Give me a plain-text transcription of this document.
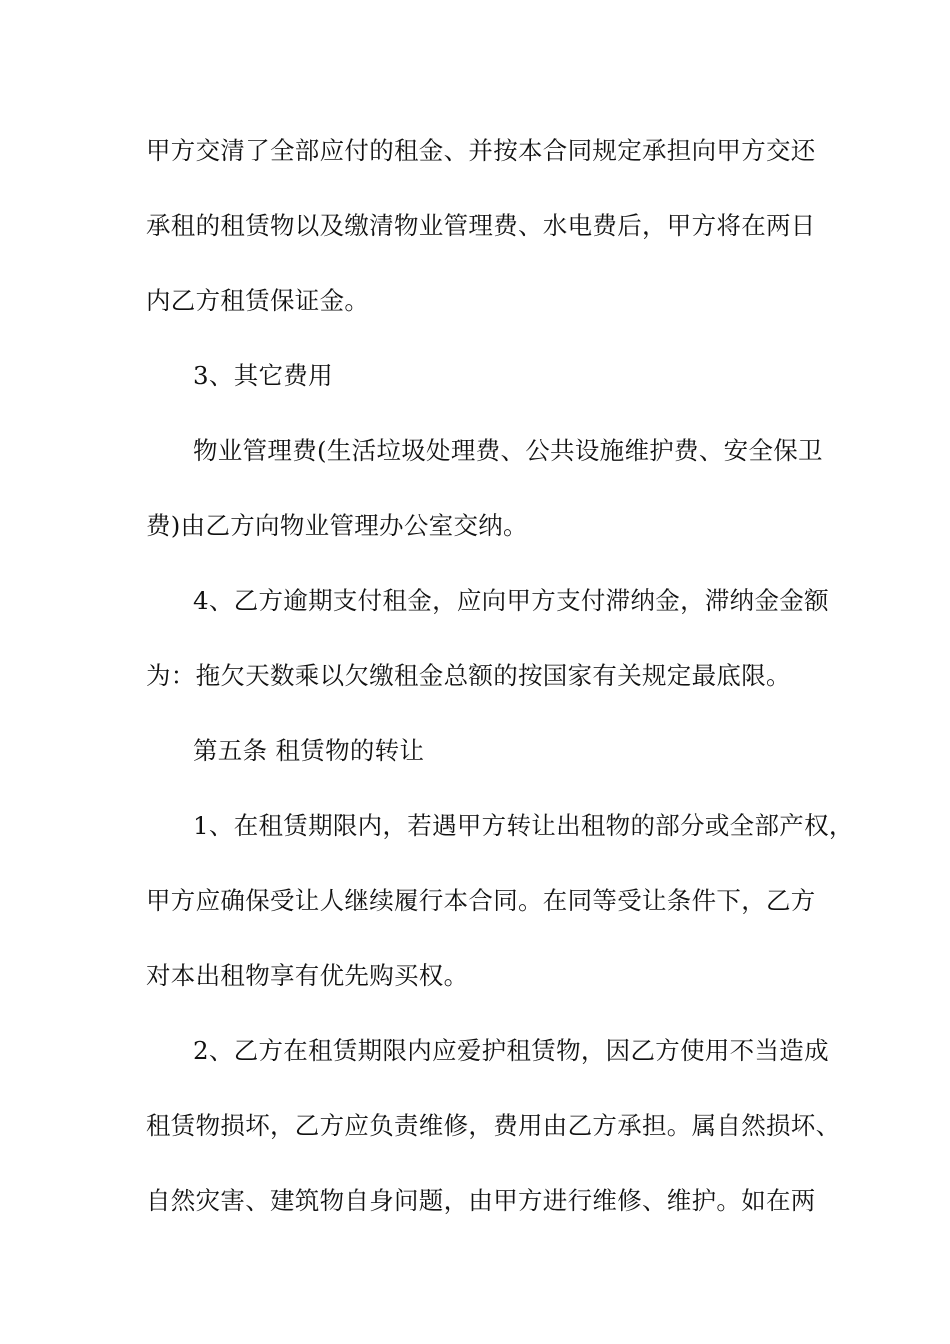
甲方交清了全部应付的租金、并按本合同规定承担向甲方交还
承租的租赁物以及缴清物业管理费、水电费后，甲方将在两日
内乙方租赁保证金。
3、其它费用
物业管理费(生活垃圾处理费、公共设施维护费、安全保卫
费)由乙方向物业管理办公室交纳。
4、乙方逾期支付租金，应向甲方支付滞纳金，滞纳金金额
为：拖欠天数乘以欠缴租金总额的按国家有关规定最底限。
第五条 租赁物的转让
1、在租赁期限内，若遇甲方转让出租物的部分或全部产权，
甲方应确保受让人继续履行本合同。在同等受让条件下，乙方
对本出租物享有优先购买权。
2、乙方在租赁期限内应爱护租赁物，因乙方使用不当造成
租赁物损坏，乙方应负责维修，费用由乙方承担。属自然损坏、
自然灾害、建筑物自身问题，由甲方进行维修、维护。如在两
